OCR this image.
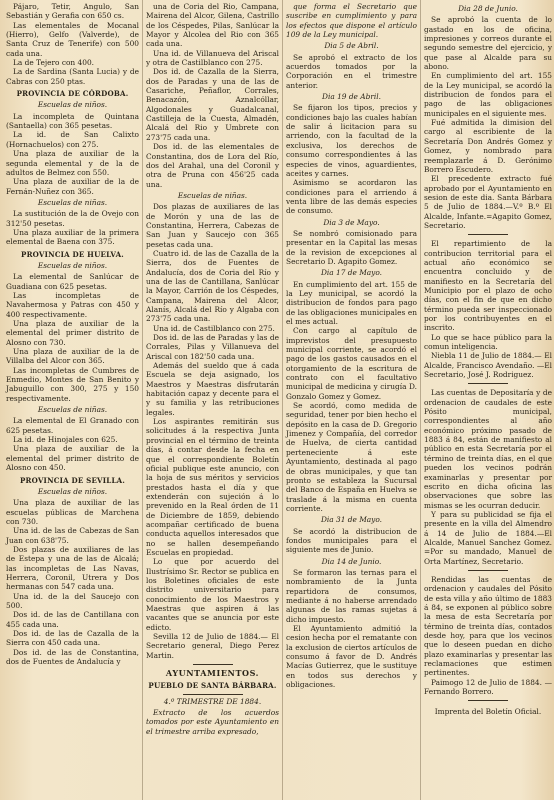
Pájaro, Tetir, Angulo, San Sebastián y Gerafia con 650 cs.
Las elementales de Mocanal (Hierro), Gelfo (Valverde), de Santa Cruz de Tenerife) con 500 cada una.
La de Tejero con 400.
La de Sardina (Santa Lucia) y de Cabras con 250 ptas.
PROVINCIA DE CÓRDOBA.
Escuelas de niños.
La incompleta de Quintana (Santaella) con 365 pesetas.
La id. de San Calixto (Hornachuelos) con 275.
Una plaza de auxiliar de la segunda elemental y de la de adultos de Belmez con 550.
Una plaza de auxiliar de la de Fernán-Nuñez con 365.
Escuelas de niñas.
La sustitución de la de Ovejo con 312'50 pesetas.
Una plaza auxiliar de la primera elemental de Baena con 375.
PROVINCIA DE HUELVA.
Escuelas de niños.
La elemental de Sanlúcar de Guadiana con 625 pesetas.
Las incompletas de Navahermosa y Patras con 450 y 400 respectivamente.
Una plaza de auxiliar de la elemental del primer distrito de Alosno con 730.
Una plaza de auxiliar de la de Villalba del Alcor con 365.
Las incompletas de Cumbres de Enmedio, Montes de San Benito y Jabuguillo con 300, 275 y 150 respectivamente.
Escuelas de niñas.
La elemental de El Granado con 625 pesetas.
La id. de Hinojales con 625.
Una plaza de auxiliar de la elemental del primer distrito de Alosno con 450.
PROVINCIA DE SEVILLA.
Escuelas de niños.
Una plaza de auxiliar de las escuelas públicas de Marchena con 730.
Una id. de las de Cabezas de San Juan con 638'75.
Dos plazas de auxiliares de las de Estepa y una de las de Alcalá; las incompletas de Las Navas, Herrera, Coronil, Utrera y Dos hermanas con 547 cada una.
Una id. de la del Saucejo con 500.
Dos id. de las de Cantillana con 455 cada una.
Dos id. de las de Cazalla de la Sierra con 450 cada una.
Dos id. de las de Constantina, dos de Fuentes de Andalucía y
una de Coria del Rio, Campana, Mairena del Alcor, Gilena, Castrillo de los Céspedes, Pilas, Sanlúcar la Mayor y Alcolea del Rio con 365 cada una.
Una id. de Villanueva del Ariscal y otra de Castilblanco con 275.
Dos id. de Cazalla de la Sierra, dos de Paradas y una de las de Casariche, Peñaflor, Corrales, Benacazón, Aznalcóllar, Algodonales y Guadalcanal, Castilleja de la Cuesta, Almadén, Alcalá del Rio y Umbrete con 273'75 cada una.
Dos id. de las elementales de Constantina, dos de Lora del Río, dos del Arahal, una del Coronil y otra de Pruna con 456'25 cada una.
Escuelas de niñas.
Dos plazas de auxiliares de las de Morón y una de las de Constantina, Herrera, Cabezas de San Juan y Saucejo con 365 pesetas cada una.
Cuatro id. de las de Cazalla de la Sierra, dos de Fuentes de Andalucía, dos de Coria del Río y una de las de Cantillana, Sanlúcar la Mayor, Carrión de los Céspedes, Campana, Mairena del Alcor, Alanís, Alcalá del Río y Algaba con 273'75 cada una.
Una id. de Castilblanco con 275.
Dos id. de las de Paradas y las de Corrales, Pilas y Villanueva del Ariscal con 182'50 cada una.
Además del sueldo que á cada Escuela se deja asignado, los Maestros y Maestras disfrutarán habitación capaz y decente para el y su familia y las retribuciones legales.
Los aspirantes remitirán sus solicitudes á la respectiva Junta provincial en el término de treinta días, á contar desde la fecha en que el correspondiente Boletín oficial publique este anuncio, con la hoja de sus méritos y servicios prestados hasta el día y que extenderán con sujeción á lo prevenido en la Real órden de 11 de Diciembre de 1859, debiendo acompañar certificado de buena conducta aquellos interesados que no se hallen desempeñando Escuelas en propiedad.
Lo que por acuerdo del Ilustrísimo Sr. Rector se publica en los Boletines oficiales de este distrito universitario para conocimiento de los Maestros y Maestras que aspiren á las vacantes que se anuncia por este edicto.
Sevilla 12 de Julio de 1884.— El Secretario general, Diego Perez Martin.
AYUNTAMIENTOS.
PUEBLO DE SANTA BÁRBARA.
4.º TRIMESTRE DE 1884.
Extracto de los acuerdos tomados por este Ayuntamiento en el trimestre arriba expresado,
que forma el Secretario que suscribe en cumplimiento y para los efectos que dispone el artículo 109 de la Ley municipal.
Dia 5 de Abril.
Se aprobó el extracto de los acuerdos tomados por la Corporación en el trimestre anterior.
Dia 19 de Abril.
Se fijaron los tipos, precios y condiciones bajo las cuales habían de salir á licitacion para su arriendo, con la facultad de la exclusiva, los derechos de consumo correspondientes á las especies de vinos, aguardientes, aceites y carnes.
Asimismo se acordaron las condiciones para el arriendo á venta libre de las demás especies de consumo.
Dia 3 de Mayo.
Se nombró comisionado para presentar en la Capital las mesas de la revision de excepciones al Secretario D. Agapito Gomez.
Dia 17 de Mayo.
En cumplimiento del art. 155 de la Ley municipal, se acordó la distribucion de fondos para pago de las obligaciones municipales en el mes actual.
Con cargo al capítulo de imprevistos del presupuesto municipal corriente, se acordó el pago de los gastos causados en el otorgamiento de la escritura de contrato con el facultativo municipal de medicina y cirugía D. Gonzalo Gomez y Gomez.
Se acordó, como medida de seguridad, tener por bien hecho el depósito en la casa de D. Gregorio Jimenez y Compañía, del corredor de Huelva, de cierta cantidad perteneciente á este Ayuntamiento, destinada al pago de obras municipales, y que tan pronto se estableza la Sucursal del Banco de España en Huelva se traslade á la misma en cuenta corriente.
Dia 31 de Mayo.
Se acordó la distribucion de fondos municipales para el siguiente mes de Junio.
Dia 14 de Junio.
Se formaron las ternas para el nombramiento de la Junta repartidora de consumos, mediante á no haberse arrendado algunas de las ramas sujetas á dicho impuesto.
El Ayuntamiento admitió la cesion hecha por el rematante con la exclusion de ciertos artículos de consumo á favor de D. Andrés Macías Gutierrez, que le sustituye en todos sus derechos y obligaciones.
Dia 28 de Junio.
Se aprobó la cuenta de lo gastado en los de oficina, impresiones y correos durante el segundo semestre del ejercicio, y que pase al Alcalde para su abono.
En cumplimiento del art. 155 de la Ley municipal, se acordó la distribucion de fondos para el pago de las obligaciones municipales en el siguiente mes.
Fué admitida la dimision del cargo al escribiente de la Secretaría Don Andrés Gomez y Gomez, y nombrado para reemplazarle á D. Gerónimo Borrero Escudero.
El precedente extracto fué aprobado por el Ayuntamiento en sesion de este dia. Santa Bárbara 5 de Julio de 1884.—V.º B.º El Alcalde, Infante.=Agapito Gomez, Secretario.
El repartimiento de la contribucion territorial para el actual año económico se encuentra concluido y de manifiesto en la Secretaría del Municipio por el plazo de ocho días, con el fin de que en dicho término pueda ser inspeccionado por los contribuyentes en el inscrito.
Lo que se hace público para la comun inteligencia.
Niebla 11 de Julio de 1884.— El Alcalde, Francisco Avendaño. —El Secretario, José J. Rodriguez.
Las cuentas de Depositaría y de ordenacion de caudales de este Pósito municipal, correspondientes al año económico próximo pasado de 1883 á 84, están de manifiesto al público en esta Secretaría por el término de treinta días, en el que pueden los vecinos podrán examinarlas y presentar por escrito en dicha oficina las observaciones que sobre las mismas se les ocurran deducir.
Y para su publicidad se fija el presente en la villa del Almendro á 14 de Julio de 1884.—El Alcalde, Manuel Sanchez Gomez. =Por su mandado, Manuel de Orta Martínez, Secretario.
Rendidas las cuentas de ordenacion y caudales del Pósito de esta villa y año último de 1883 á 84, se exponen al público sobre la mesa de esta Secretaría por término de treinta días, contados desde hoy, para que los vecinos que lo deseen puedan en dicho plazo examinarlas y presentar las reclamaciones que estimen pertinentes.
Paimogo 12 de Julio de 1884. —Fernando Borrero.
Imprenta del Boletín Oficial.
